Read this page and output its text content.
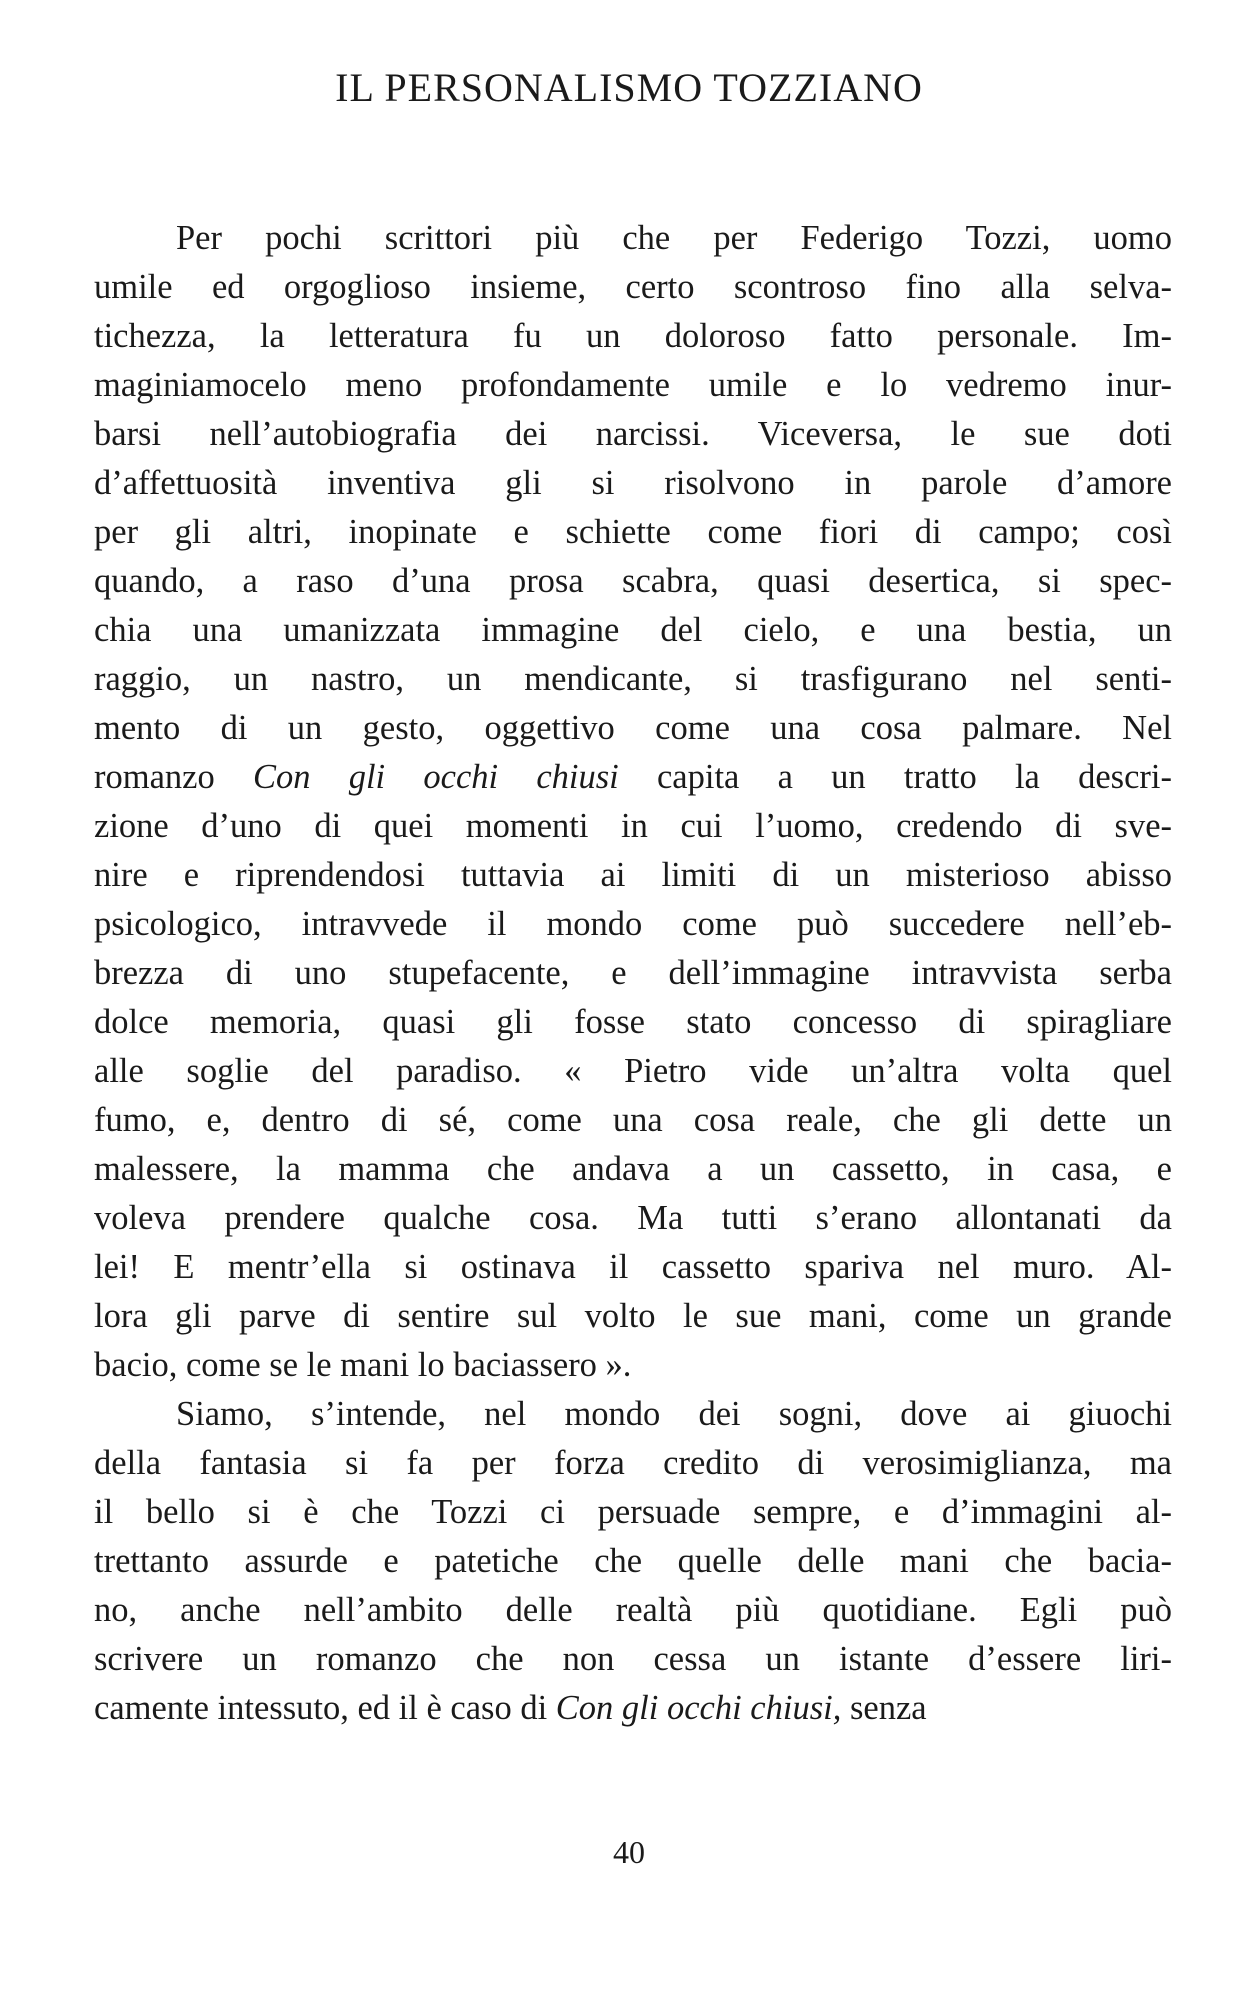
IL PERSONALISMO TOZZIANO
Per pochi scrittori più che per Federigo Tozzi, uomo
umile ed orgoglioso insieme, certo scontroso fino alla selva-
tichezza, la letteratura fu un doloroso fatto personale. Im-
maginiamocelo meno profondamente umile e lo vedremo inur-
barsi nell’autobiografia dei narcissi. Viceversa, le sue doti
d’affettuosità inventiva gli si risolvono in parole d’amore
per gli altri, inopinate e schiette come fiori di campo; così
quando, a raso d’una prosa scabra, quasi desertica, si spec-
chia una umanizzata immagine del cielo, e una bestia, un
raggio, un nastro, un mendicante, si trasfigurano nel senti-
mento di un gesto, oggettivo come una cosa palmare. Nel
romanzo Con gli occhi chiusi capita a un tratto la descri-
zione d’uno di quei momenti in cui l’uomo, credendo di sve-
nire e riprendendosi tuttavia ai limiti di un misterioso abisso
psicologico, intravvede il mondo come può succedere nell’eb-
brezza di uno stupefacente, e dell’immagine intravvista serba
dolce memoria, quasi gli fosse stato concesso di spiragliare
alle soglie del paradiso. « Pietro vide un’altra volta quel
fumo, e, dentro di sé, come una cosa reale, che gli dette un
malessere, la mamma che andava a un cassetto, in casa, e
voleva prendere qualche cosa. Ma tutti s’erano allontanati da
lei! E mentr’ella si ostinava il cassetto spariva nel muro. Al-
lora gli parve di sentire sul volto le sue mani, come un grande
bacio, come se le mani lo baciassero ».
Siamo, s’intende, nel mondo dei sogni, dove ai giuochi
della fantasia si fa per forza credito di verosimiglianza, ma
il bello si è che Tozzi ci persuade sempre, e d’immagini al-
trettanto assurde e patetiche che quelle delle mani che bacia-
no, anche nell’ambito delle realtà più quotidiane. Egli può
scrivere un romanzo che non cessa un istante d’essere liri-
camente intessuto, ed il è caso di Con gli occhi chiusi, senza
40
